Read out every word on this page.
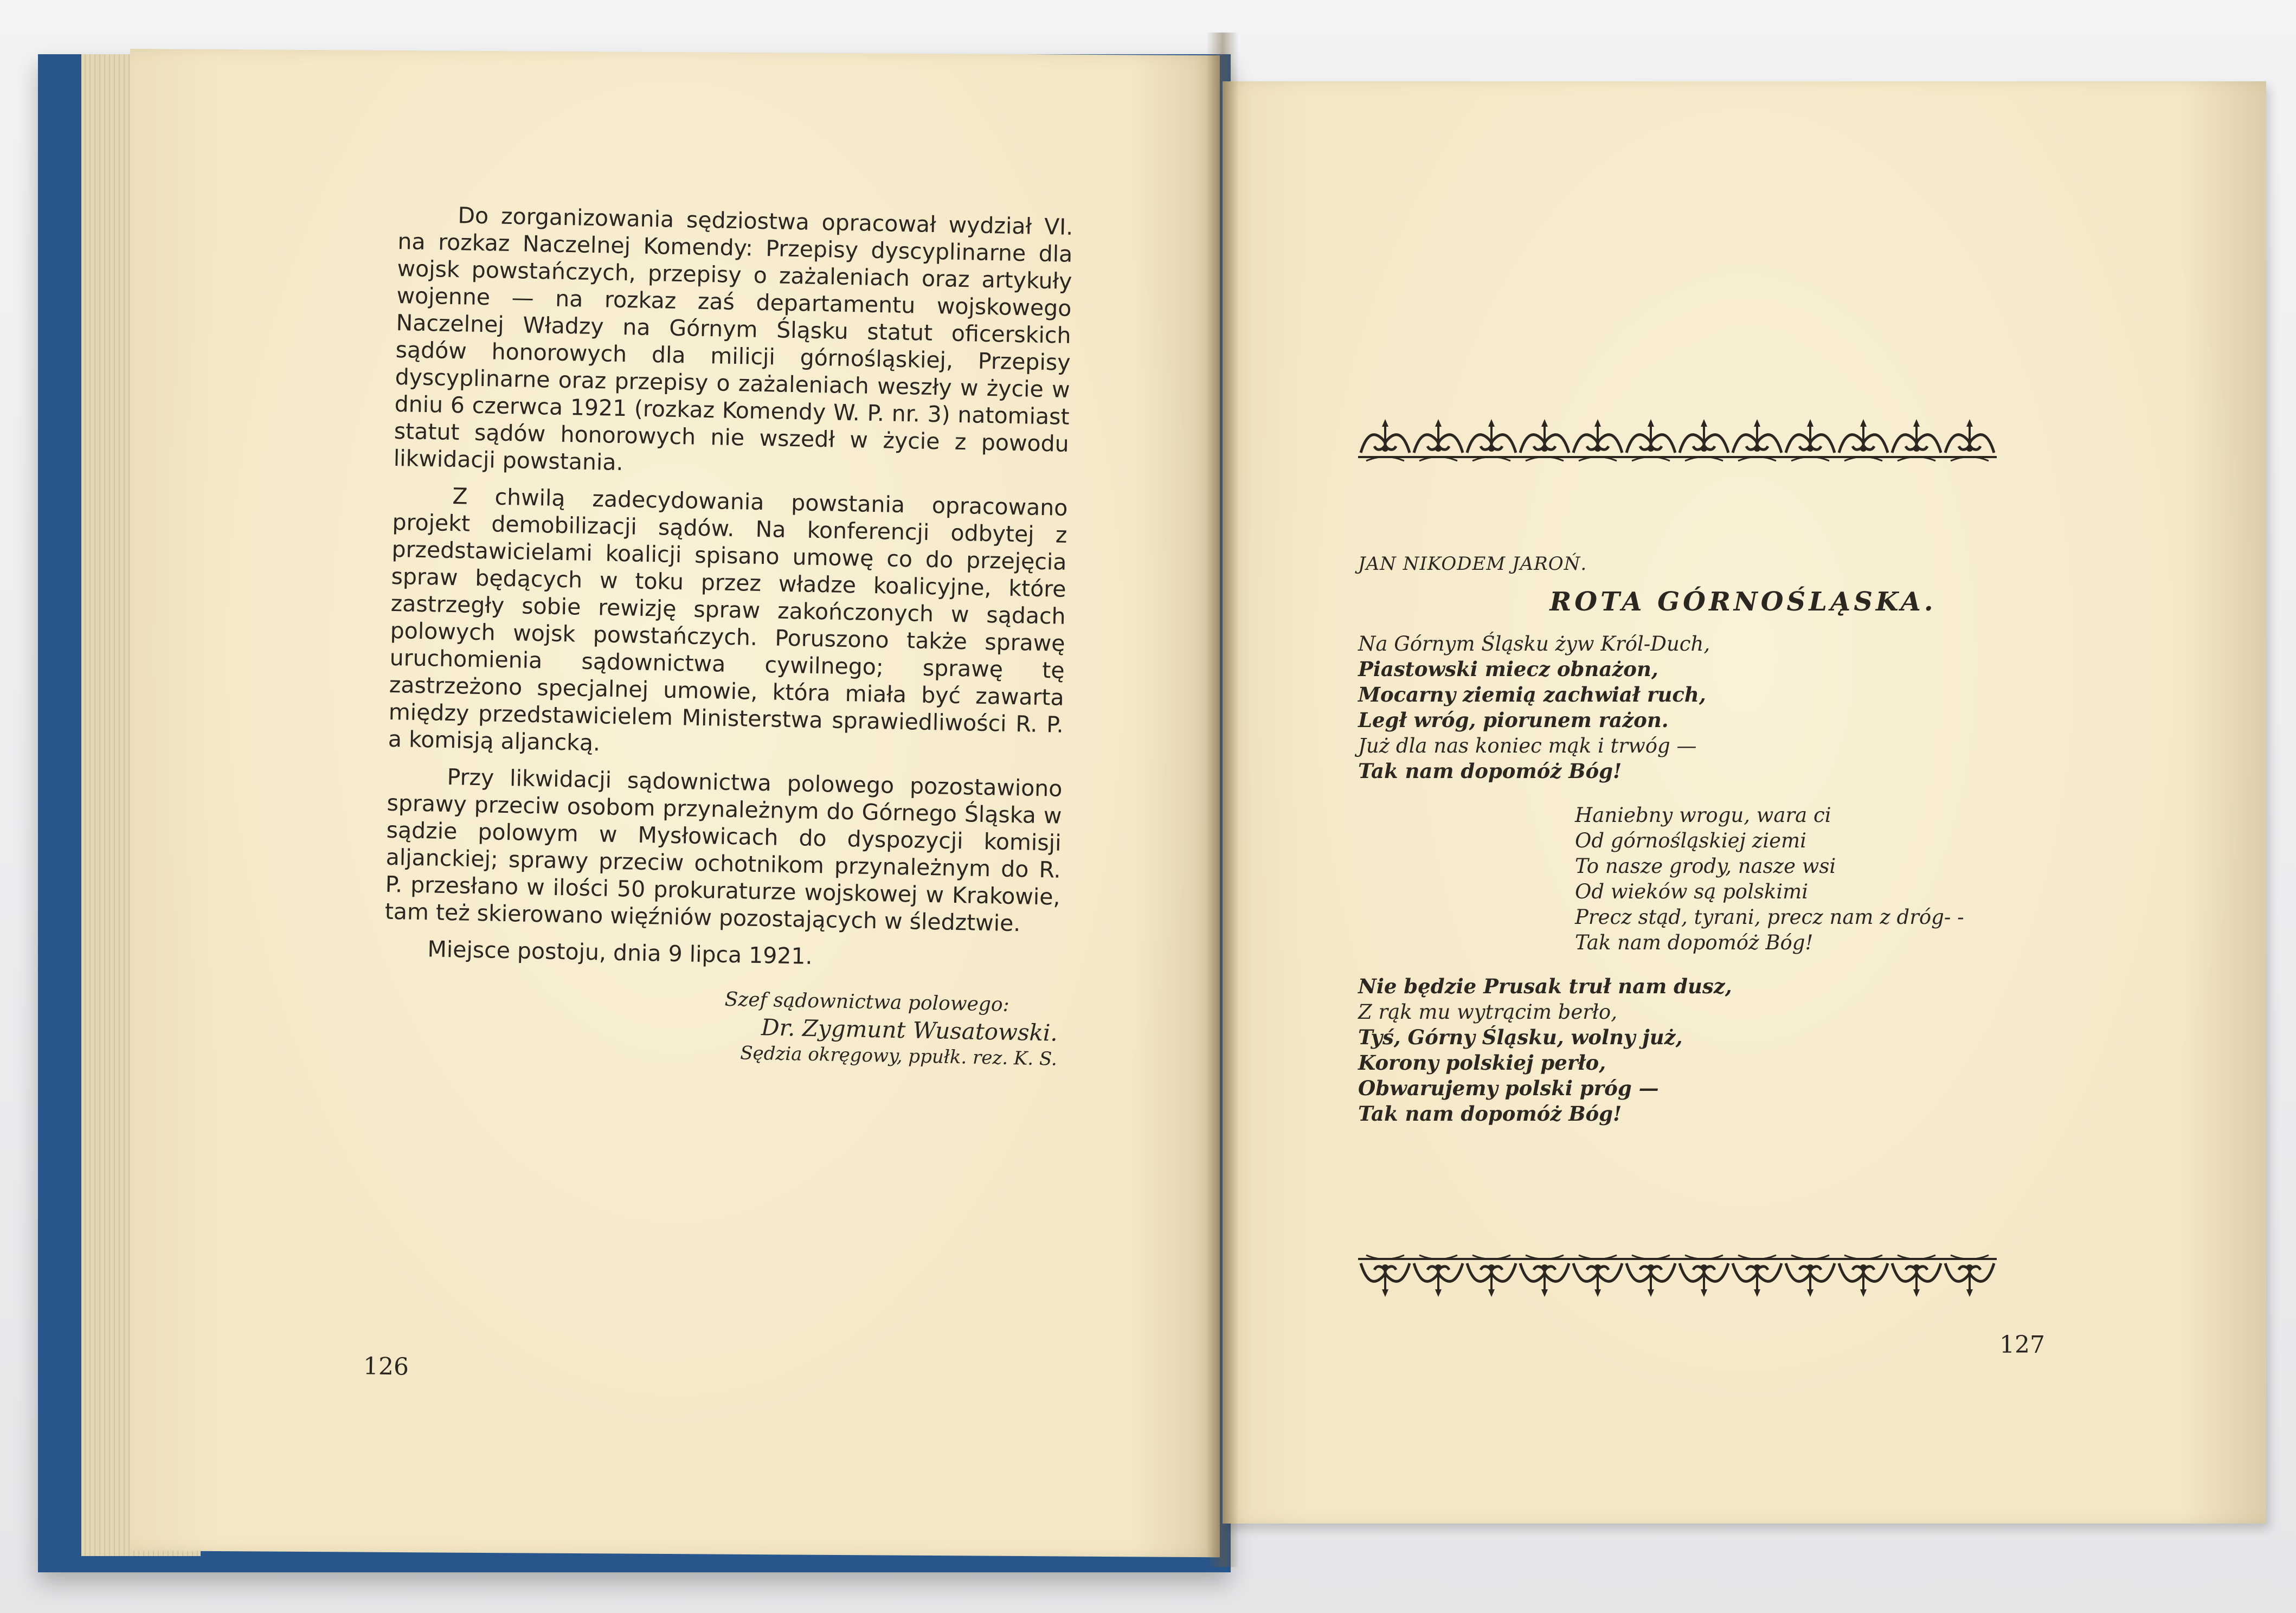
Do zorganizowania sędziostwa opracował wydział VI. na rozkaz Naczelnej Komendy: Przepisy dyscyplinarne dla wojsk powstańczych, przepisy o zażaleniach oraz artykuły wojenne — na rozkaz zaś departamentu wojskowego Naczelnej Władzy na Górnym Śląsku statut oficerskich sądów honorowych dla milicji górnośląskiej, Przepisy dyscyplinarne oraz przepisy o zażaleniach weszły w życie w dniu 6 czerwca 1921 (rozkaz Komendy W. P. nr. 3) natomiast statut sądów honorowych nie wszedł w życie z powodu likwidacji powstania.

Z chwilą zadecydowania powstania opracowano projekt demobilizacji sądów. Na konferencji odbytej z przedstawicielami koalicji spisano umowę co do przejęcia spraw będących w toku przez władze koalicyjne, które zastrzegły sobie rewizję spraw zakończonych w sądach polowych wojsk powstańczych. Poruszono także sprawę uruchomienia sądownictwa cywilnego; sprawę tę zastrzeżono specjalnej umowie, która miała być zawarta między przedstawicielem Ministerstwa sprawiedliwości R. P. a komisją aljancką.

Przy likwidacji sądownictwa polowego pozostawiono sprawy przeciw osobom przynależnym do Górnego Śląska w sądzie polowym w Mysłowicach do dyspozycji komisji aljanckiej; sprawy przeciw ochotnikom przynależnym do R. P. przesłano w ilości 50 prokuraturze wojskowej w Krakowie, tam też skierowano więźniów pozostających w śledztwie.

Miejsce postoju, dnia 9 lipca 1921.

Szef sądownictwa polowego:
Dr. Zygmunt Wusatowski.
Sędzia okręgowy, ppułk. rez. K. S.
126
JAN NIKODEM JAROŃ.
ROTA GÓRNOŚLĄSKA.
Na Górnym Śląsku żyw Król-Duch,
Piastowski miecz obnażon,
Mocarny ziemią zachwiał ruch,
Legł wróg, piorunem rażon.
Już dla nas koniec mąk i trwóg —
Tak nam dopomóż Bóg!
Haniebny wrogu, wara ci
Od górnośląskiej ziemi
To nasze grody, nasze wsi
Od wieków są polskimi
Precz stąd, tyrani, precz nam z dróg- -
Tak nam dopomóż Bóg!
Nie będzie Prusak truł nam dusz,
Z rąk mu wytrącim berło,
Tyś, Górny Śląsku, wolny już,
Korony polskiej perło,
Obwarujemy polski próg —
Tak nam dopomóż Bóg!
127
